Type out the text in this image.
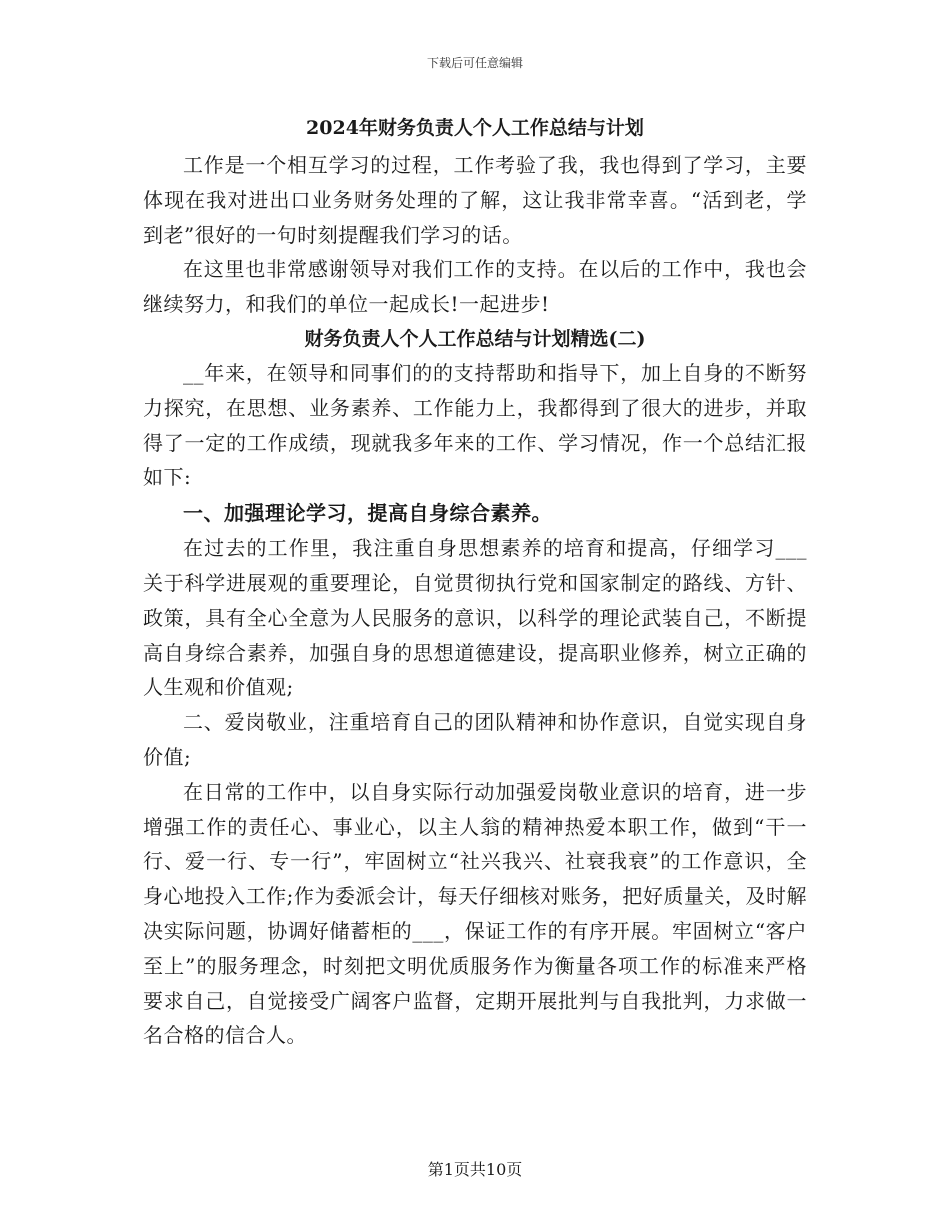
下载后可任意编辑
2024年财务负责人个人工作总结与计划

工作是一个相互学习的过程，工作考验了我，我也得到了学习，主要体现在我对进出口业务财务处理的了解，这让我非常幸喜。“活到老，学到老”很好的一句时刻提醒我们学习的话。

在这里也非常感谢领导对我们工作的支持。在以后的工作中，我也会继续努力，和我们的单位一起成长!一起进步!

财务负责人个人工作总结与计划精选(二)

__年来，在领导和同事们的的支持帮助和指导下，加上自身的不断努力探究，在思想、业务素养、工作能力上，我都得到了很大的进步，并取得了一定的工作成绩，现就我多年来的工作、学习情况，作一个总结汇报如下:

一、加强理论学习，提高自身综合素养。

在过去的工作里，我注重自身思想素养的培育和提高，仔细学习___关于科学进展观的重要理论，自觉贯彻执行党和国家制定的路线、方针、政策，具有全心全意为人民服务的意识，以科学的理论武装自己，不断提高自身综合素养，加强自身的思想道德建设，提高职业修养，树立正确的人生观和价值观;

二、爱岗敬业，注重培育自己的团队精神和协作意识，自觉实现自身价值;

在日常的工作中，以自身实际行动加强爱岗敬业意识的培育，进一步增强工作的责任心、事业心，以主人翁的精神热爱本职工作，做到“干一行、爱一行、专一行”，牢固树立“社兴我兴、社衰我衰”的工作意识，全身心地投入工作;作为委派会计，每天仔细核对账务，把好质量关，及时解决实际问题，协调好储蓄柜的___，保证工作的有序开展。牢固树立“客户至上”的服务理念，时刻把文明优质服务作为衡量各项工作的标准来严格要求自己，自觉接受广阔客户监督，定期开展批判与自我批判，力求做一名合格的信合人。

第1页共10页
